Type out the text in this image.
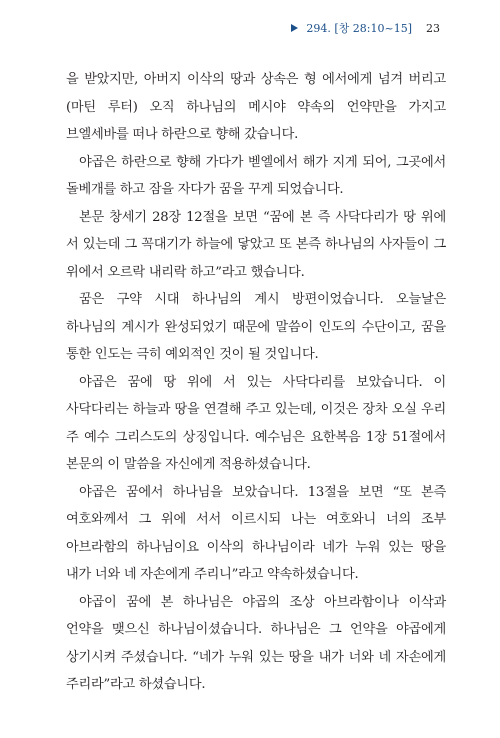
294. [창 28:10~15] 23

을 받았지만, 아버지 이삭의 땅과 상속은 형 에서에게 넘겨 버리고(마틴 루터) 오직 하나님의 메시야 약속의 언약만을 가지고 브엘세바를 떠나 하란으로 향해 갔습니다.

야곱은 하란으로 향해 가다가 벧엘에서 해가 지게 되어, 그곳에서 돌베개를 하고 잠을 자다가 꿈을 꾸게 되었습니다.

본문 창세기 28장 12절을 보면 “꿈에 본 즉 사닥다리가 땅 위에 서 있는데 그 꼭대기가 하늘에 닿았고 또 본즉 하나님의 사자들이 그 위에서 오르락 내리락 하고”라고 했습니다.

꿈은 구약 시대 하나님의 계시 방편이었습니다. 오늘날은 하나님의 계시가 완성되었기 때문에 말씀이 인도의 수단이고, 꿈을 통한 인도는 극히 예외적인 것이 될 것입니다.

야곱은 꿈에 땅 위에 서 있는 사닥다리를 보았습니다. 이 사닥다리는 하늘과 땅을 연결해 주고 있는데, 이것은 장차 오실 우리 주 예수 그리스도의 상징입니다. 예수님은 요한복음 1장 51절에서 본문의 이 말씀을 자신에게 적용하셨습니다.

야곱은 꿈에서 하나님을 보았습니다. 13절을 보면 “또 본즉 여호와께서 그 위에 서서 이르시되 나는 여호와니 너의 조부 아브라함의 하나님이요 이삭의 하나님이라 네가 누워 있는 땅을 내가 너와 네 자손에게 주리니”라고 약속하셨습니다.

야곱이 꿈에 본 하나님은 야곱의 조상 아브라함이나 이삭과 언약을 맺으신 하나님이셨습니다. 하나님은 그 언약을 야곱에게 상기시켜 주셨습니다. “네가 누워 있는 땅을 내가 너와 네 자손에게 주리라”라고 하셨습니다.
